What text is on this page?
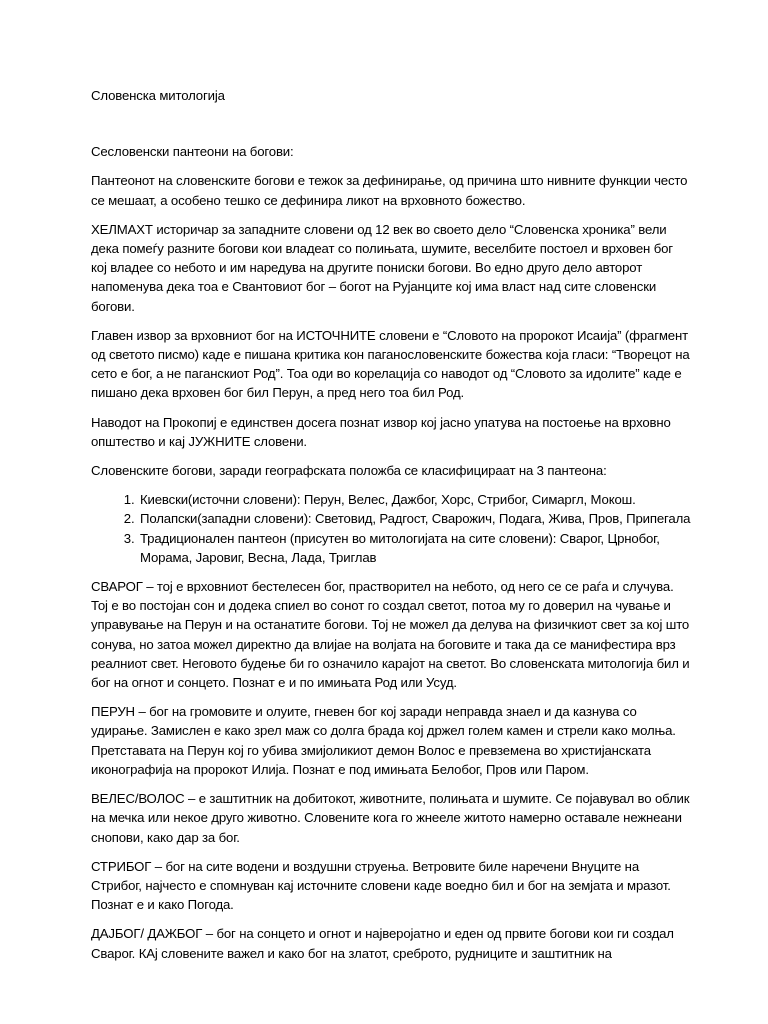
Словенска митологија

Сесловенски пантеони на богови:

Пантеонот на словенските богови е тежок за дефинирање, од причина што нивните функции често се мешаат, а особено тешко се дефинира ликот на врховното божество.

ХЕЛМАХТ историчар за западните словени од 12 век во своето дело “Словенска хроника” вели дека помеѓу разните богови кои владеат со полињата, шумите, веселбите постоел и врховен бог кој владее со небото и им наредува на другите пониски богови. Во едно друго дело авторот напоменува дека тоа е Свантовиот бог – богот на Рујанците кој има власт над сите словенски богови.

Главен извор за врховниот бог на ИСТОЧНИТЕ словени е “Словото на пророкот Исаија” (фрагмент од светото писмо) каде е пишана критика кон паганословенските божества која гласи: “Творецот на сето е бог, а не паганскиот Род”. Тоа оди во корелација со наводот од “Словото за идолите” каде е пишано дека врховен бог бил Перун, а пред него тоа бил Род.

Наводот на Прокопиј е единствен досега познат извор кој јасно упатува на постоење на врховно општество и кај ЈУЖНИТЕ словени.

Словенските богови, заради географската положба се класифицираат на 3 пантеона:

1. Киевски(источни словени): Перун, Велес, Дажбог, Хорс, Стрибог, Симаргл, Мокош.
2. Полапски(западни словени): Световид, Радгост, Сварожич, Подага, Жива, Пров, Припегала
3. Традиционален пантеон (присутен во митологијата на сите словени): Сварог, Црнобог, Морама, Јаровиг, Весна, Лада, Триглав

СВАРОГ – тој е врховниот бестелесен бог, прастворител на небото, од него се се раѓа и случува. Тој е во постојан сон и додека спиел во сонот го создал светот, потоа му го доверил на чување и управување на Перун и на останатите богови. Тој не можел да делува на физичкиот свет за кој што сонува, но затоа можел директно да влијае на волјата на боговите и така да се манифестира врз реалниот свет. Неговото будење би го означило карајот на светот. Во словенската митологија бил и бог на огнот и сонцето. Познат е и по имињата Род или Усуд.

ПЕРУН – бог на громовите и олуите, гневен бог кој заради неправда знаел и да казнува со удирање. Замислен е како зрел маж со долга брада кој држел голем камен и стрели како молња. Претставата на Перун кој го убива змијоликиот демон Волос е превземена во христијанската иконографија на пророкот Илија. Познат е под имињата Белобог, Пров или Паром.

ВЕЛЕС/ВОЛОС – е заштитник на добитокот, животните, полињата и шумите. Се појавувал во облик на мечка или некое друго животно. Словените кога го жнееле житото намерно оставале нежнеани снопови, како дар за бог.

СТРИБОГ – бог на сите водени и воздушни струења. Ветровите биле наречени Внуците на Стрибог, најчесто е спомнуван кај источните словени каде воедно бил и бог на земјата и мразот. Познат е и како Погода.

ДАЈБОГ/ ДАЖБОГ – бог на сонцето и огнот и најверојатно и еден од првите богови кои ги создал Сварог. КАј словените важел и како бог на златот, среброто, рудниците и заштитник на
